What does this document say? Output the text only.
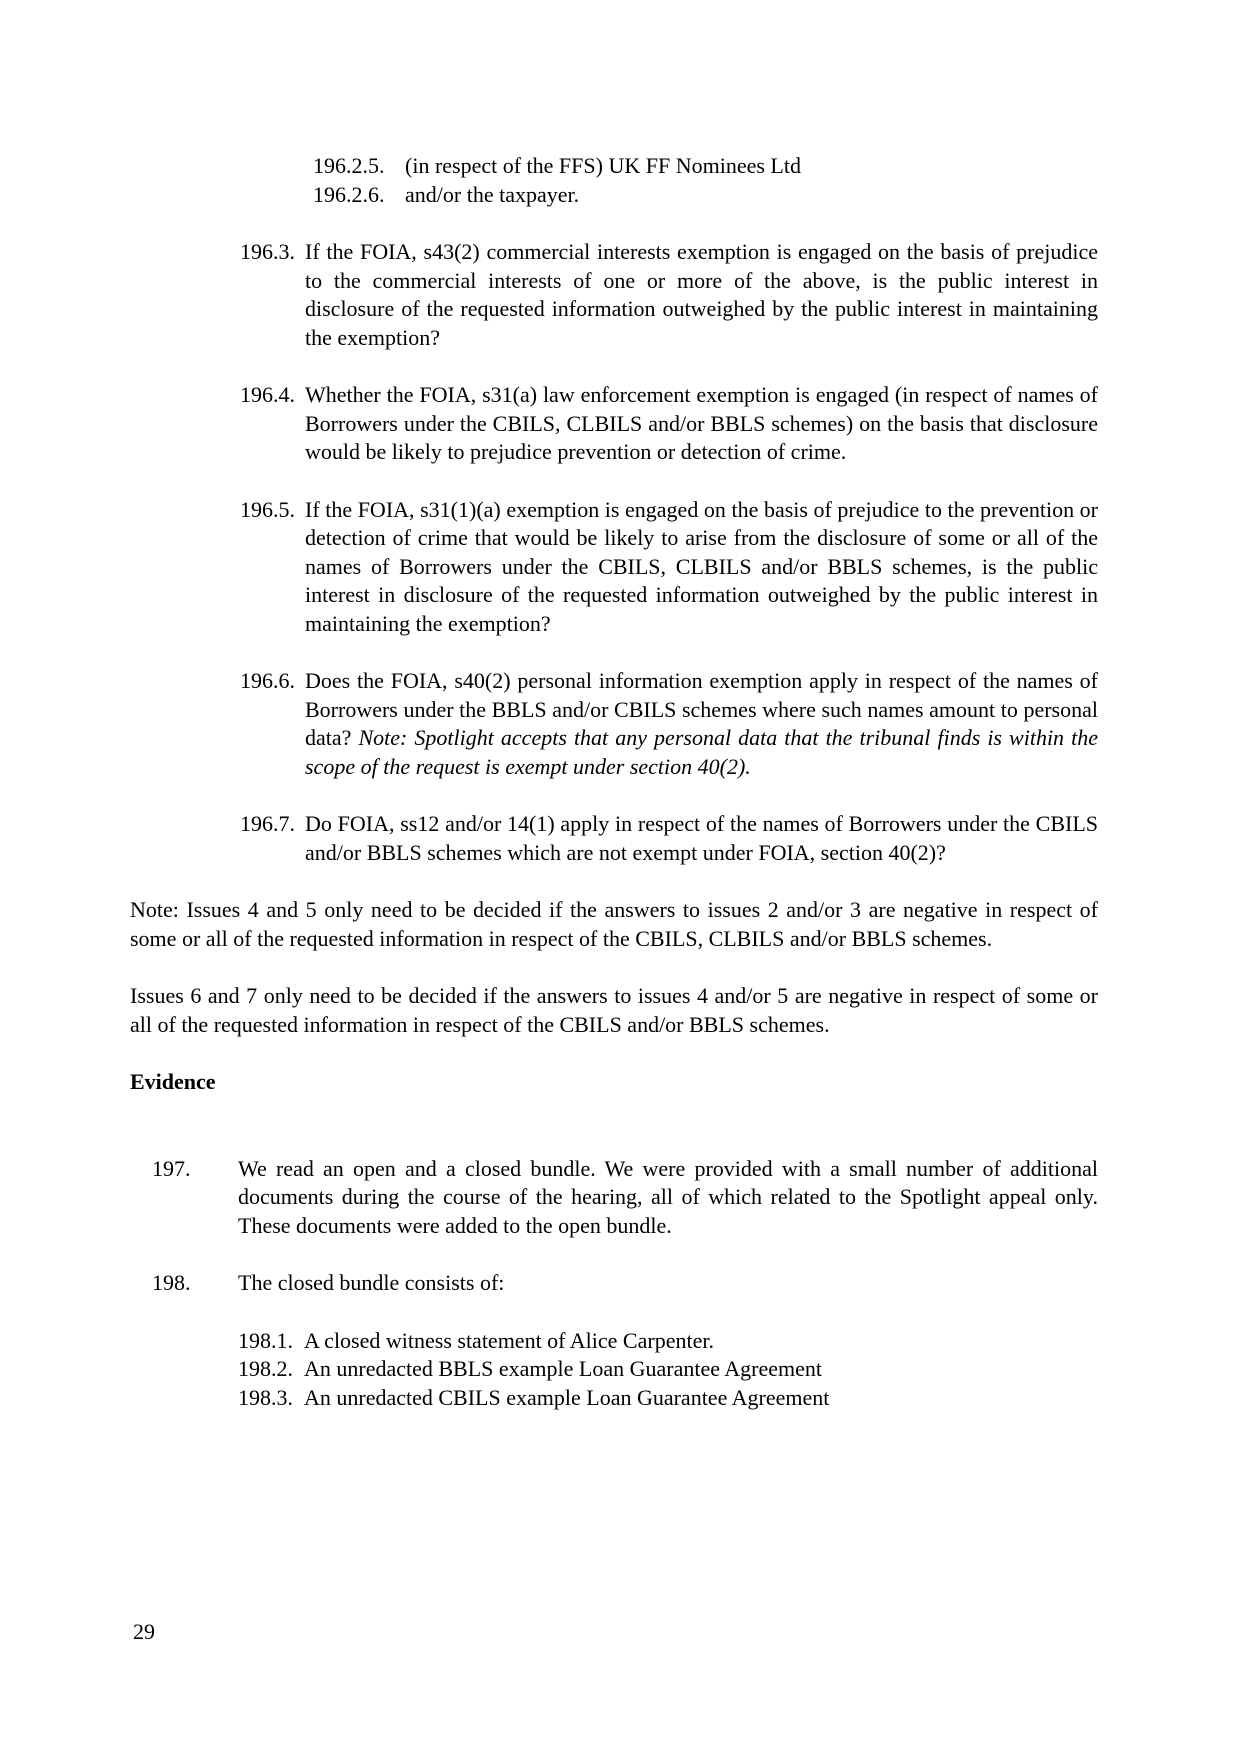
196.2.5. (in respect of the FFS) UK FF Nominees Ltd
196.2.6. and/or the taxpayer.
196.3. If the FOIA, s43(2) commercial interests exemption is engaged on the basis of prejudice to the commercial interests of one or more of the above, is the public interest in disclosure of the requested information outweighed by the public interest in maintaining the exemption?
196.4. Whether the FOIA, s31(a) law enforcement exemption is engaged (in respect of names of Borrowers under the CBILS, CLBILS and/or BBLS schemes) on the basis that disclosure would be likely to prejudice prevention or detection of crime.
196.5. If the FOIA, s31(1)(a) exemption is engaged on the basis of prejudice to the prevention or detection of crime that would be likely to arise from the disclosure of some or all of the names of Borrowers under the CBILS, CLBILS and/or BBLS schemes, is the public interest in disclosure of the requested information outweighed by the public interest in maintaining the exemption?
196.6. Does the FOIA, s40(2) personal information exemption apply in respect of the names of Borrowers under the BBLS and/or CBILS schemes where such names amount to personal data? Note: Spotlight accepts that any personal data that the tribunal finds is within the scope of the request is exempt under section 40(2).
196.7. Do FOIA, ss12 and/or 14(1) apply in respect of the names of Borrowers under the CBILS and/or BBLS schemes which are not exempt under FOIA, section 40(2)?
Note: Issues 4 and 5 only need to be decided if the answers to issues 2 and/or 3 are negative in respect of some or all of the requested information in respect of the CBILS, CLBILS and/or BBLS schemes.
Issues 6 and 7 only need to be decided if the answers to issues 4 and/or 5 are negative in respect of some or all of the requested information in respect of the CBILS and/or BBLS schemes.
Evidence
197. We read an open and a closed bundle. We were provided with a small number of additional documents during the course of the hearing, all of which related to the Spotlight appeal only. These documents were added to the open bundle.
198. The closed bundle consists of:
198.1. A closed witness statement of Alice Carpenter.
198.2. An unredacted BBLS example Loan Guarantee Agreement
198.3. An unredacted CBILS example Loan Guarantee Agreement
29
